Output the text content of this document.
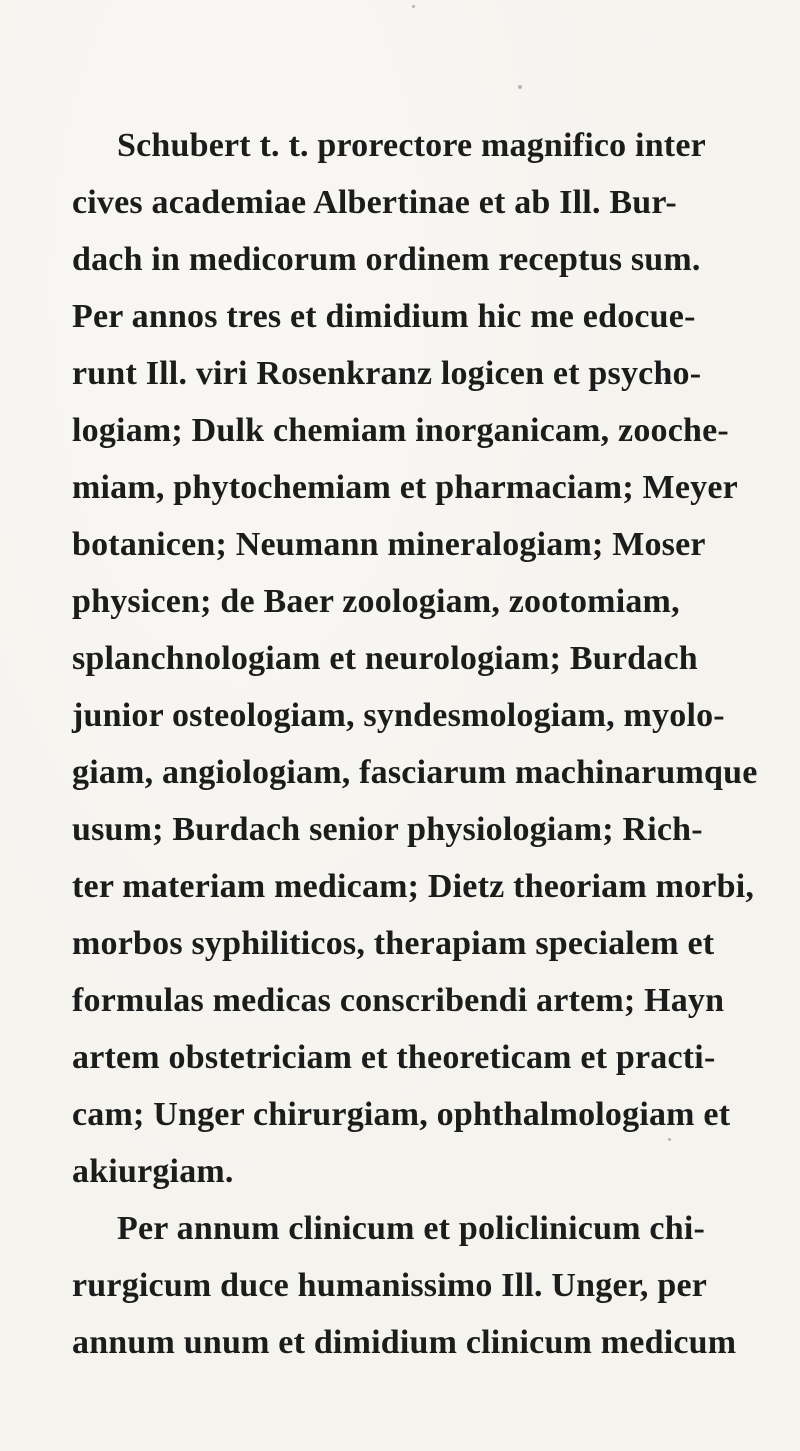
Schubert t. t. prorectore magnifico inter
cives academiae Albertinae et ab Ill. Bur-
dach in medicorum ordinem receptus sum.
Per annos tres et dimidium hic me edocue-
runt Ill. viri Rosenkranz logicen et psycho-
logiam; Dulk chemiam inorganicam, zooche-
miam, phytochemiam et pharmaciam; Meyer
botanicen; Neumann mineralogiam; Moser
physicen; de Baer zoologiam, zootomiam,
splanchnologiam et neurologiam; Burdach
junior osteologiam, syndesmologiam, myolo-
giam, angiologiam, fasciarum machinarumque
usum; Burdach senior physiologiam; Rich-
ter materiam medicam; Dietz theoriam morbi,
morbos syphiliticos, therapiam specialem et
formulas medicas conscribendi artem; Hayn
artem obstetriciam et theoreticam et practi-
cam; Unger chirurgiam, ophthalmologiam et
akiurgiam.
Per annum clinicum et policlinicum chi-
rurgicum duce humanissimo Ill. Unger, per
annum unum et dimidium clinicum medicum
